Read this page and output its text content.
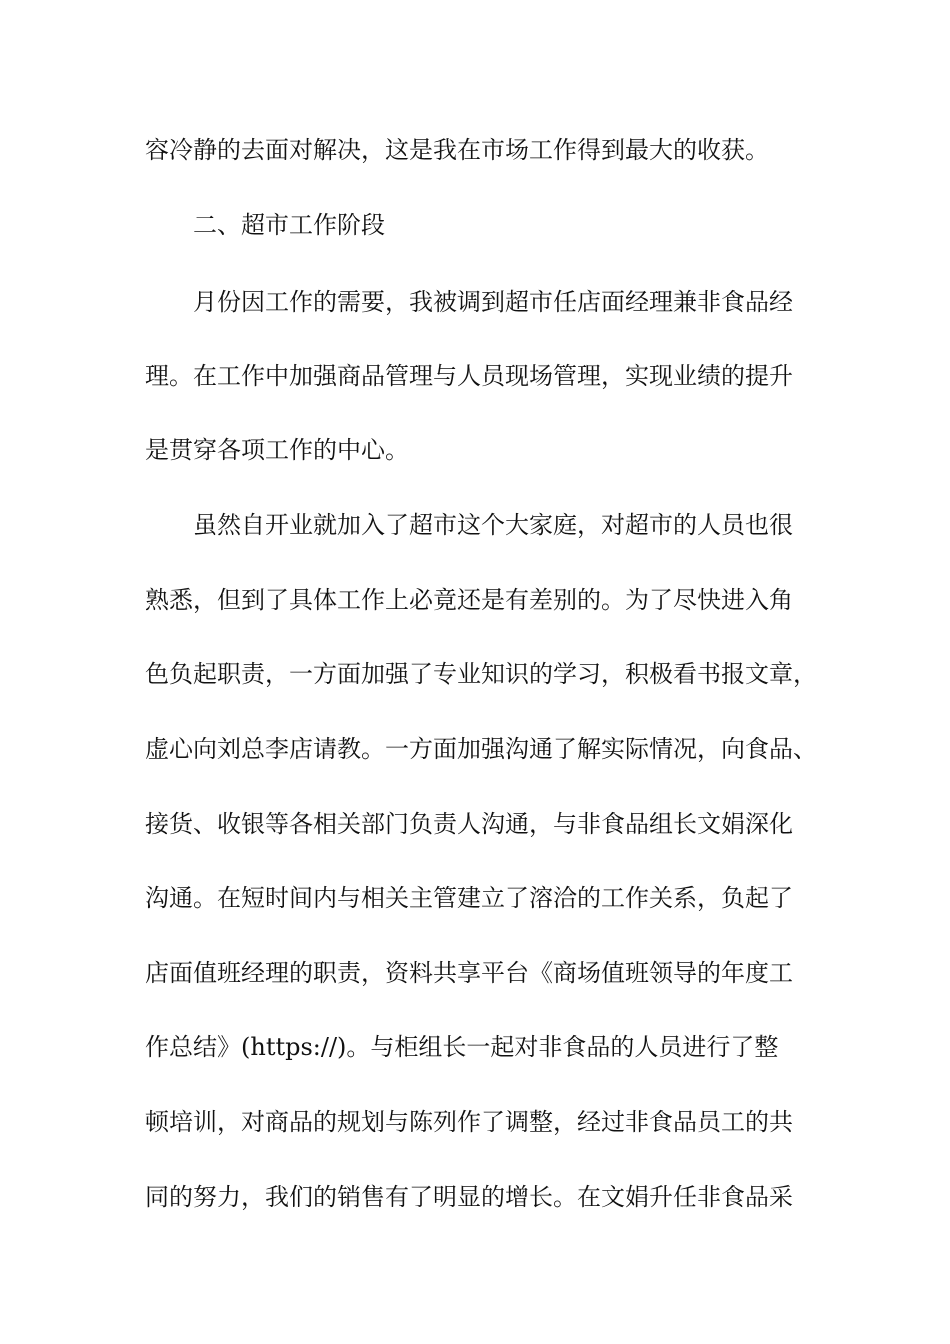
容冷静的去面对解决，这是我在市场工作得到最大的收获。
二、超市工作阶段
月份因工作的需要，我被调到超市任店面经理兼非食品经
理。在工作中加强商品管理与人员现场管理，实现业绩的提升
是贯穿各项工作的中心。
虽然自开业就加入了超市这个大家庭，对超市的人员也很
熟悉，但到了具体工作上必竟还是有差别的。为了尽快进入角
色负起职责，一方面加强了专业知识的学习，积极看书报文章，
虚心向刘总李店请教。一方面加强沟通了解实际情况，向食品、
接货、收银等各相关部门负责人沟通，与非食品组长文娟深化
沟通。在短时间内与相关主管建立了溶洽的工作关系，负起了
店面值班经理的职责，资料共享平台《商场值班领导的年度工
作总结》(https://)。与柜组长一起对非食品的人员进行了整
顿培训，对商品的规划与陈列作了调整，经过非食品员工的共
同的努力，我们的销售有了明显的增长。在文娟升任非食品采
